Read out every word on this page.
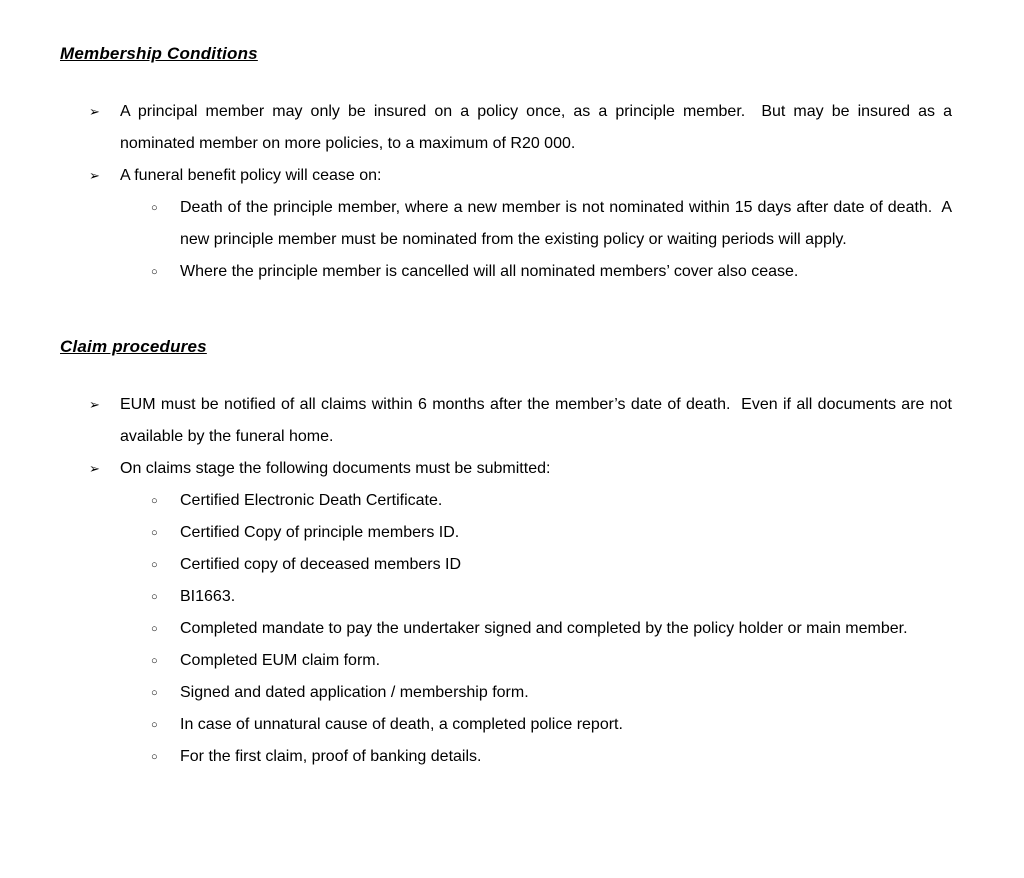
Membership Conditions
➢ A principal member may only be insured on a policy once, as a principle member.  But may be insured as a nominated member on more policies, to a maximum of R20 000.
➢ A funeral benefit policy will cease on:
○ Death of the principle member, where a new member is not nominated within 15 days after date of death.  A new principle member must be nominated from the existing policy or waiting periods will apply.
○ Where the principle member is cancelled will all nominated members’ cover also cease.
Claim procedures
➢ EUM must be notified of all claims within 6 months after the member’s date of death.  Even if all documents are not available by the funeral home.
➢ On claims stage the following documents must be submitted:
○ Certified Electronic Death Certificate.
○ Certified Copy of principle members ID.
○ Certified copy of deceased members ID
○ BI1663.
○ Completed mandate to pay the undertaker signed and completed by the policy holder or main member.
○ Completed EUM claim form.
○ Signed and dated application / membership form.
○ In case of unnatural cause of death, a completed police report.
○ For the first claim, proof of banking details.
